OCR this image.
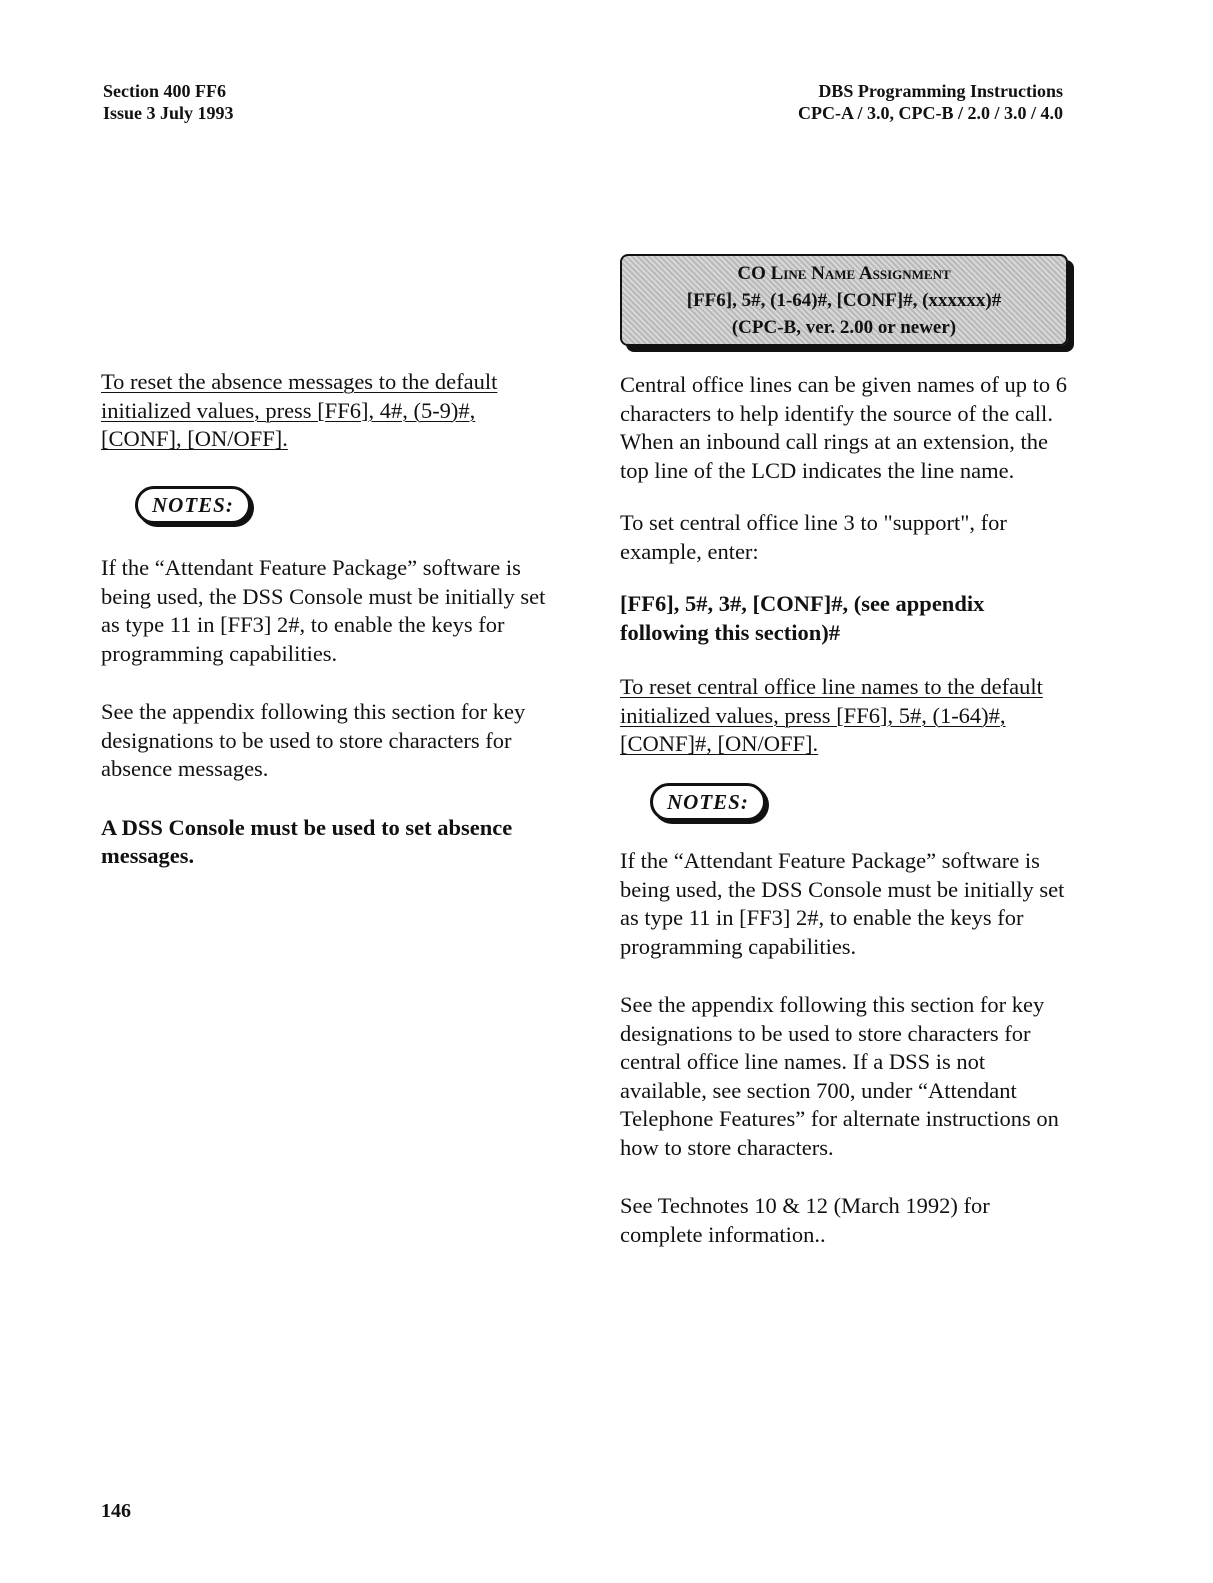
Section 400 FF6
Issue 3 July 1993
DBS Programming Instructions
CPC-A / 3.0, CPC-B / 2.0 / 3.0 / 4.0
CO Line Name Assignment
[FF6], 5#, (1-64)#, [CONF]#, (xxxxxx)#
(CPC-B, ver. 2.00 or newer)

To reset the absence messages to the default initialized values, press [FF6], 4#, (5-9)#, [CONF], [ON/OFF].

NOTES:

If the “Attendant Feature Package” software is being used, the DSS Console must be initially set as type 11 in [FF3] 2#, to enable the keys for programming capabilities.

See the appendix following this section for key designations to be used to store characters for absence messages.

A DSS Console must be used to set absence messages.

Central office lines can be given names of up to 6 characters to help identify the source of the call. When an inbound call rings at an extension, the top line of the LCD indicates the line name.

To set central office line 3 to "support", for example, enter:

[FF6], 5#, 3#, [CONF]#, (see appendix following this section)#

To reset central office line names to the default initialized values, press [FF6], 5#, (1-64)#, [CONF]#, [ON/OFF].

NOTES:

If the “Attendant Feature Package” software is being used, the DSS Console must be initially set as type 11 in [FF3] 2#, to enable the keys for programming capabilities.

See the appendix following this section for key designations to be used to store characters for central office line names. If a DSS is not available, see section 700, under “Attendant Telephone Features” for alternate instructions on how to store characters.

See Technotes 10 & 12 (March 1992) for complete information..

146
